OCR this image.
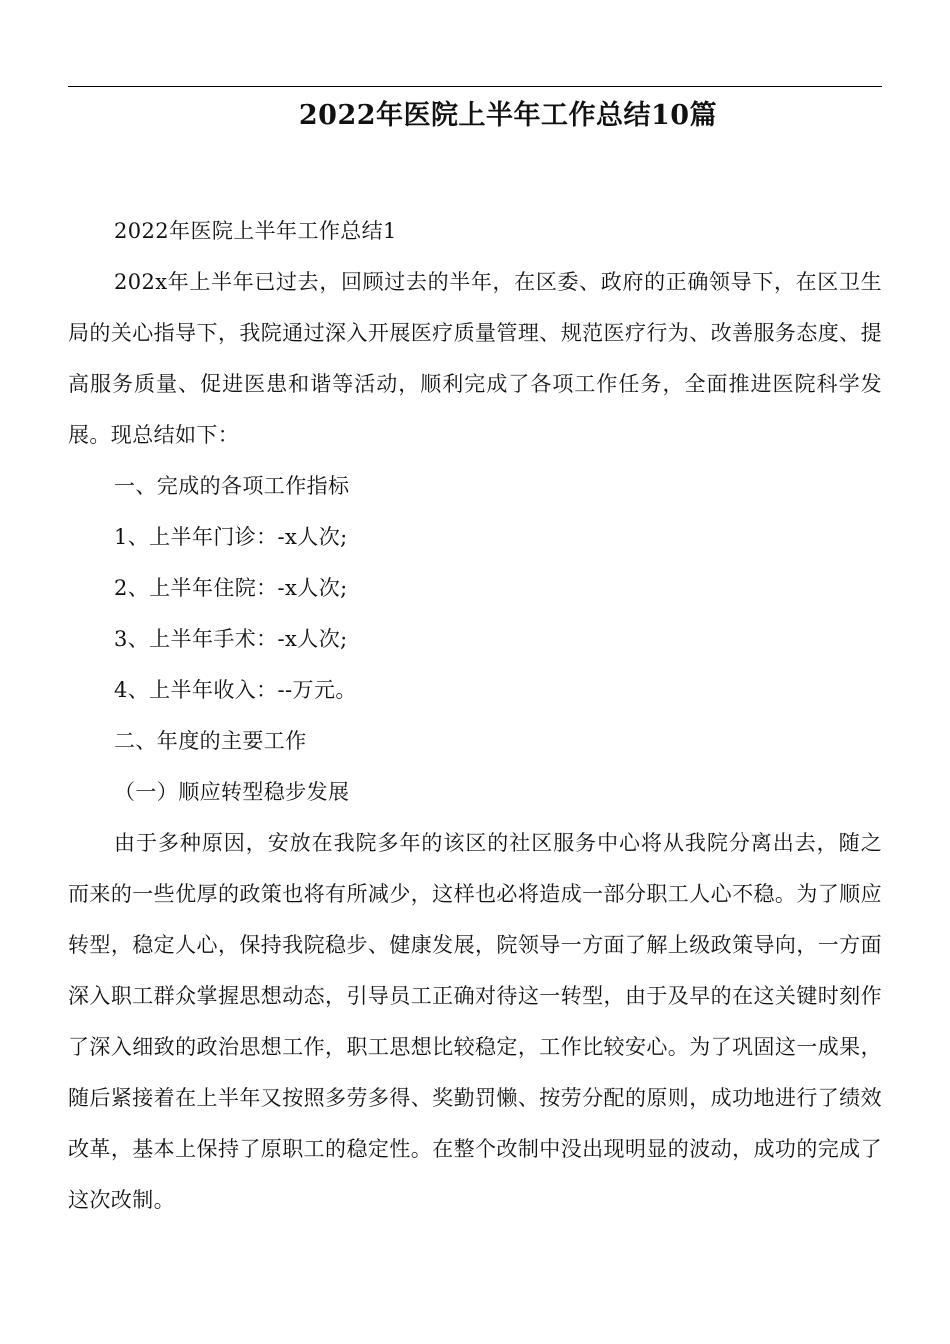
2022年医院上半年工作总结10篇

2022年医院上半年工作总结1

202x年上半年已过去，回顾过去的半年，在区委、政府的正确领导下，在区卫生局的关心指导下，我院通过深入开展医疗质量管理、规范医疗行为、改善服务态度、提高服务质量、促进医患和谐等活动，顺利完成了各项工作任务，全面推进医院科学发展。现总结如下：

一、完成的各项工作指标

1、上半年门诊：-x人次;

2、上半年住院：-x人次;

3、上半年手术：-x人次;

4、上半年收入：--万元。

二、年度的主要工作

（一）顺应转型稳步发展

由于多种原因，安放在我院多年的该区的社区服务中心将从我院分离出去，随之而来的一些优厚的政策也将有所减少，这样也必将造成一部分职工人心不稳。为了顺应转型，稳定人心，保持我院稳步、健康发展，院领导一方面了解上级政策导向，一方面深入职工群众掌握思想动态，引导员工正确对待这一转型，由于及早的在这关键时刻作了深入细致的政治思想工作，职工思想比较稳定，工作比较安心。为了巩固这一成果，随后紧接着在上半年又按照多劳多得、奖勤罚懒、按劳分配的原则，成功地进行了绩效改革，基本上保持了原职工的稳定性。在整个改制中没出现明显的波动，成功的完成了这次改制。
